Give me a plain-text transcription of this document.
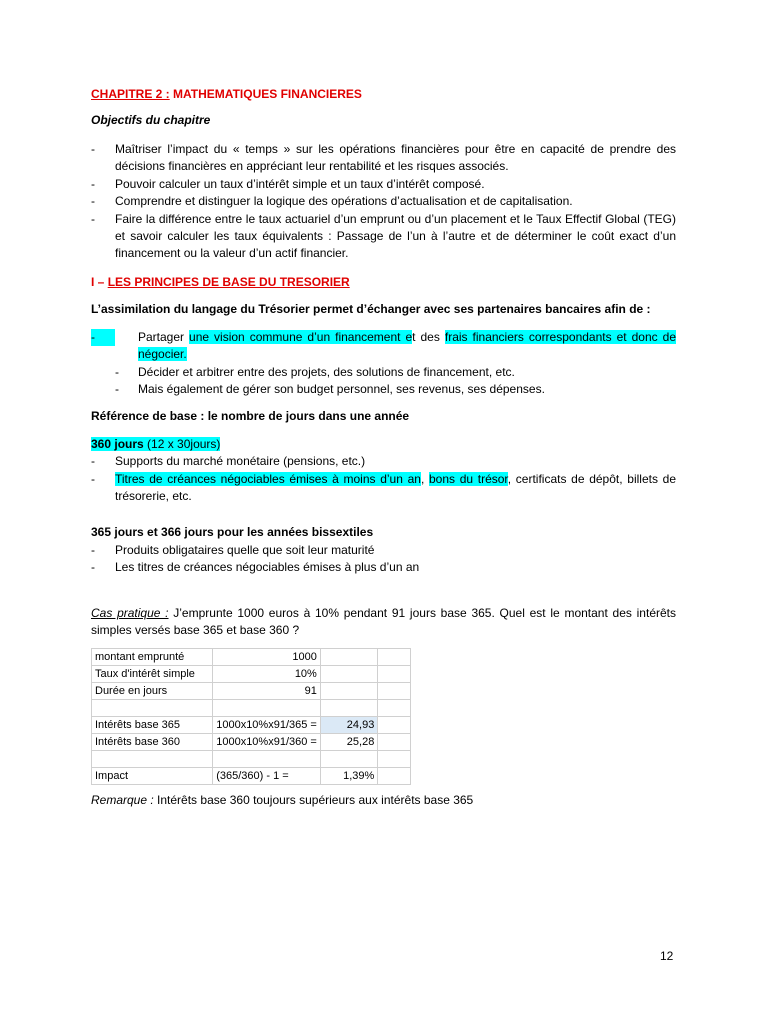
CHAPITRE 2 : MATHEMATIQUES FINANCIERES
Objectifs du chapitre
-	Maîtriser l’impact du « temps » sur les opérations financières pour être en capacité de prendre des décisions financières en appréciant leur rentabilité et les risques associés.
-	Pouvoir calculer un taux d’intérêt simple et un taux d’intérêt composé.
-	Comprendre et distinguer la logique des opérations d’actualisation et de capitalisation.
-	Faire la différence entre le taux actuariel d’un emprunt ou d’un placement et le Taux Effectif Global (TEG) et savoir calculer les taux équivalents : Passage de l’un à l’autre et de déterminer le coût exact d’un financement ou la valeur d’un actif financier.
I – LES PRINCIPES DE BASE DU TRESORIER
L’assimilation du langage du Trésorier permet d’échanger avec ses partenaires bancaires afin de :
-	Partager une vision commune d’un financement et des frais financiers correspondants et donc de négocier.
-	Décider et arbitrer entre des projets, des solutions de financement, etc.
-	Mais également de gérer son budget personnel, ses revenus, ses dépenses.
Référence de base : le nombre de jours dans une année
360 jours (12 x 30jours)
-	Supports du marché monétaire (pensions, etc.)
-	Titres de créances négociables émises à moins d’un an, bons du trésor, certificats de dépôt, billets de trésorerie, etc.
365 jours et 366 jours pour les années bissextiles
-	Produits obligataires quelle que soit leur maturité
-	Les titres de créances négociables émises à plus d’un an
Cas pratique : J’emprunte 1000 euros à 10% pendant 91 jours base 365. Quel est le montant des intérêts simples versés base 365 et base 360 ?
montant emprunté	1000		
Taux d'intérêt simple	10%		
Durée en jours	91		

Intérêts base 365	1000x10%x91/365 =	24,93	
Intérêts base 360	1000x10%x91/360 =	25,28	

Impact	(365/360) - 1 =	1,39%	
Remarque : Intérêts base 360 toujours supérieurs aux intérêts base 365
12
